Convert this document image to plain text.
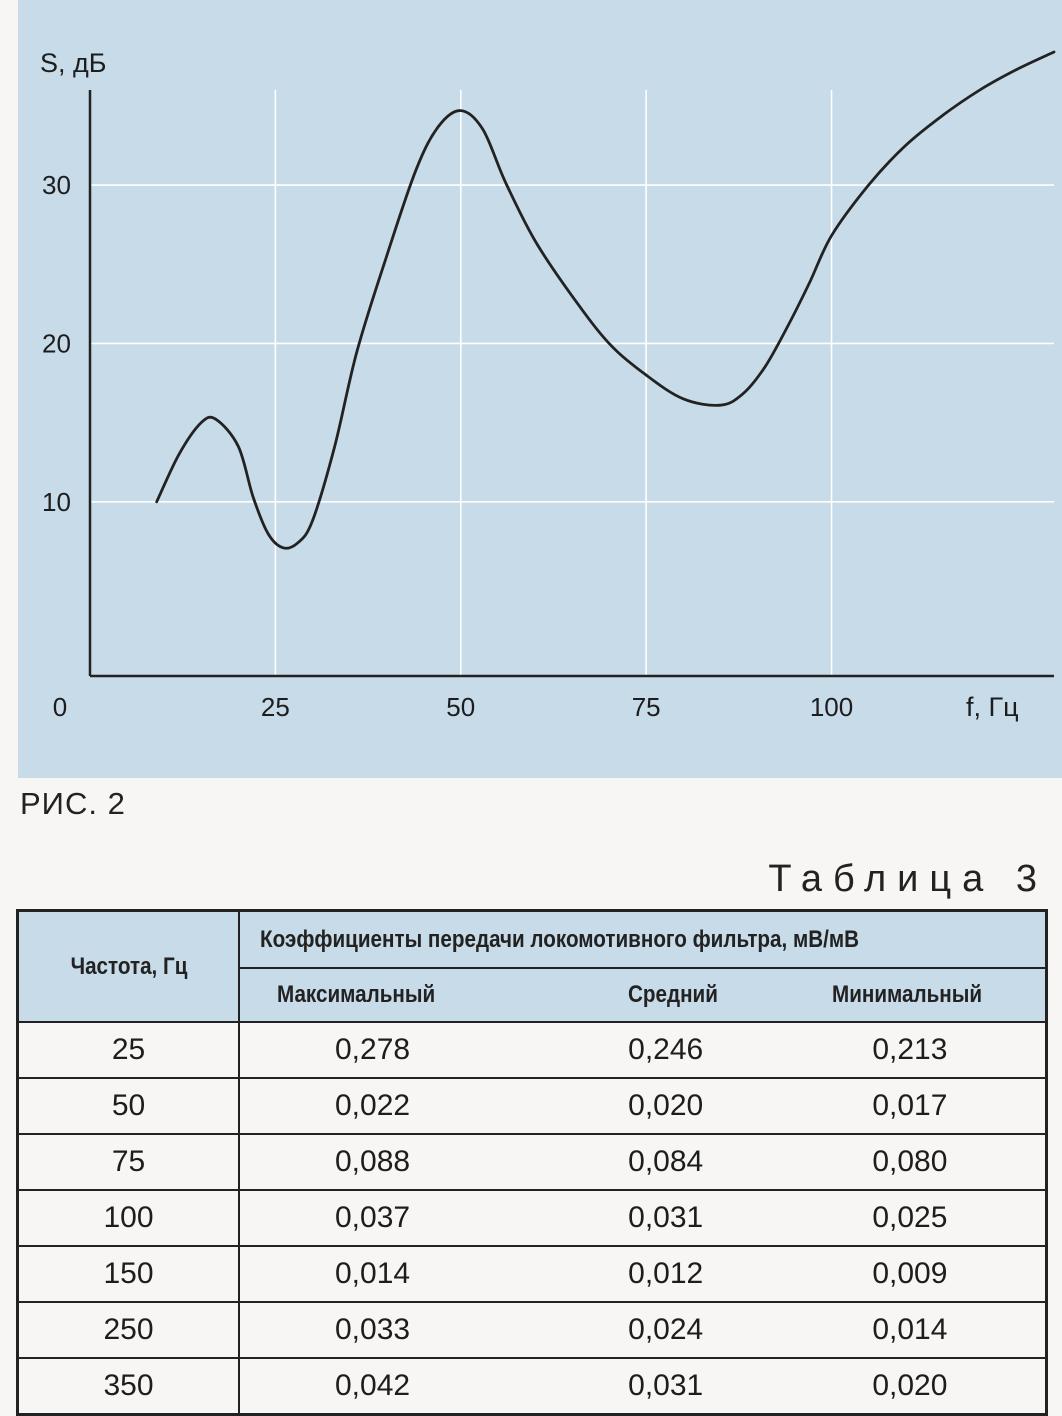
0	25	50	75	100
10
20
30
S, дБ
f, Гц
РИС. 2
Таблица 3
Частота, Гц	Коэффициенты передачи локомотивного фильтра, мВ/мВ		
	Максимальный	Средний	Минимальный
25	0,278	0,246	0,213
50	0,022	0,020	0,017
75	0,088	0,084	0,080
100	0,037	0,031	0,025
150	0,014	0,012	0,009
250	0,033	0,024	0,014
350	0,042	0,031	0,020
